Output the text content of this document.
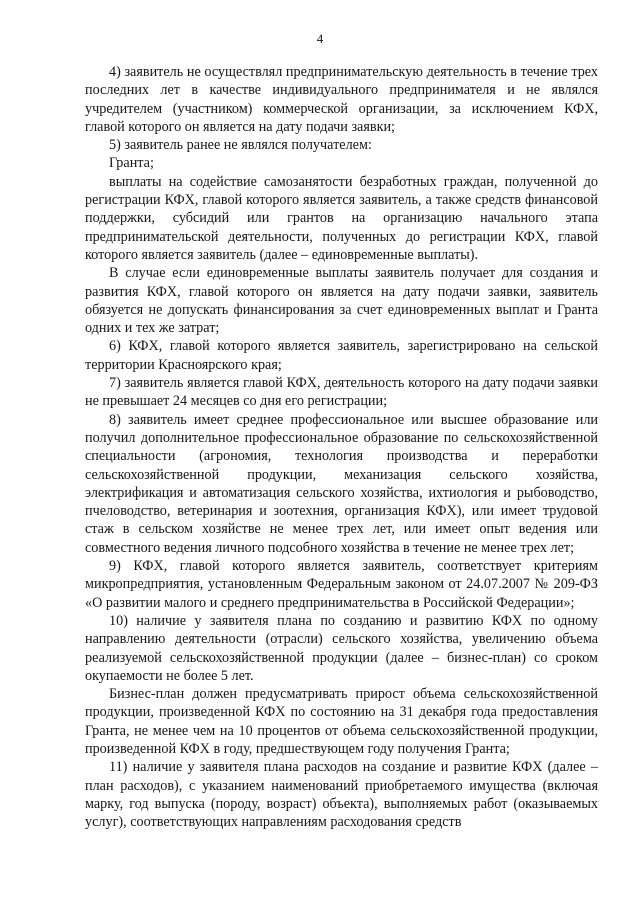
4

4) заявитель не осуществлял предпринимательскую деятельность в течение трех последних лет в качестве индивидуального предпринимателя и не являлся учредителем (участником) коммерческой организации, за исключением КФХ, главой которого он является на дату подачи заявки;

5) заявитель ранее не являлся получателем:

Гранта;

выплаты на содействие самозанятости безработных граждан, полученной до регистрации КФХ, главой которого является заявитель, а также средств финансовой поддержки, субсидий или грантов на организацию начального этапа предпринимательской деятельности, полученных до регистрации КФХ, главой которого является заявитель (далее – единовременные выплаты).

В случае если единовременные выплаты заявитель получает для создания и развития КФХ, главой которого он является на дату подачи заявки, заявитель обязуется не допускать финансирования за счет единовременных выплат и Гранта одних и тех же затрат;

6) КФХ, главой которого является заявитель, зарегистрировано на сельской территории Красноярского края;

7) заявитель является главой КФХ, деятельность которого на дату подачи заявки не превышает 24 месяцев со дня его регистрации;

8) заявитель имеет среднее профессиональное или высшее образование или получил дополнительное профессиональное образование по сельскохозяйственной специальности (агрономия, технология производства и переработки сельскохозяйственной продукции, механизация сельского хозяйства, электрификация и автоматизация сельского хозяйства, ихтиология и рыбоводство, пчеловодство, ветеринария и зоотехния, организация КФХ), или имеет трудовой стаж в сельском хозяйстве не менее трех лет, или имеет опыт ведения или совместного ведения личного подсобного хозяйства в течение не менее трех лет;

9) КФХ, главой которого является заявитель, соответствует критериям микропредприятия, установленным Федеральным законом от 24.07.2007 № 209-ФЗ «О развитии малого и среднего предпринимательства в Российской Федерации»;

10) наличие у заявителя плана по созданию и развитию КФХ по одному направлению деятельности (отрасли) сельского хозяйства, увеличению объема реализуемой сельскохозяйственной продукции (далее – бизнес-план) со сроком окупаемости не более 5 лет.

Бизнес-план должен предусматривать прирост объема сельскохозяйственной продукции, произведенной КФХ по состоянию на 31 декабря года предоставления Гранта, не менее чем на 10 процентов от объема сельскохозяйственной продукции, произведенной КФХ в году, предшествующем году получения Гранта;

11) наличие у заявителя плана расходов на создание и развитие КФХ (далее – план расходов), с указанием наименований приобретаемого имущества (включая марку, год выпуска (породу, возраст) объекта), выполняемых работ (оказываемых услуг), соответствующих направлениям расходования средств
